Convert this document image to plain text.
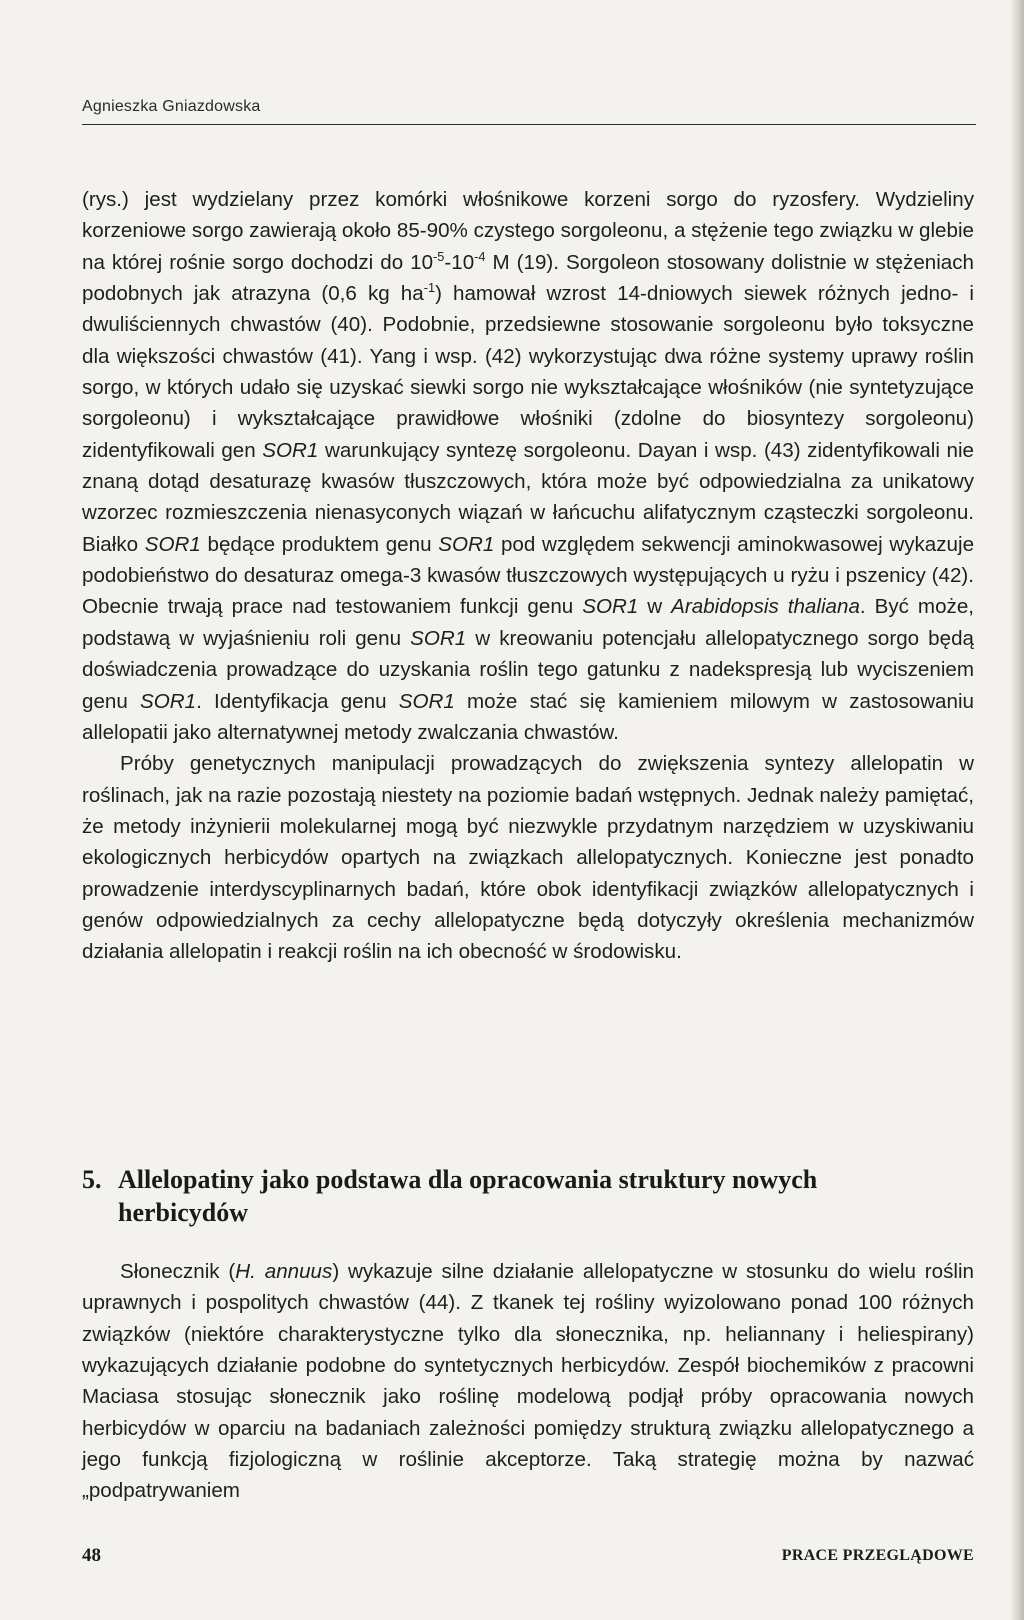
Agnieszka Gniazdowska

(rys.) jest wydzielany przez komórki włośnikowe korzeni sorgo do ryzosfery. Wydzieliny korzeniowe sorgo zawierają około 85-90% czystego sorgoleonu, a stężenie tego związku w glebie na której rośnie sorgo dochodzi do $10^{-5}-10^{-4}$ M (19). Sorgoleon stosowany dolistnie w stężeniach podobnych jak atrazyna (0,6 kg $ha^{-1}$) hamował wzrost 14-dniowych siewek różnych jedno- i dwuliściennych chwastów (40). Podobnie, przedsiewne stosowanie sorgoleonu było toksyczne dla większości chwastów (41). Yang i wsp. (42) wykorzystując dwa różne systemy uprawy roślin sorgo, w których udało się uzyskać siewki sorgo nie wykształcające włośników (nie syntetyzujące sorgoleonu) i wykształcające prawidłowe włośniki (zdolne do biosyntezy sorgoleonu) zidentyfikowali gen SOR1 warunkujący syntezę sorgoleonu. Dayan i wsp. (43) zidentyfikowali nie znaną dotąd desaturazę kwasów tłuszczowych, która może być odpowiedzialna za unikatowy wzorzec rozmieszczenia nienasyconych wiązań w łańcuchu alifatycznym cząsteczki sorgoleonu. Białko SOR1 będące produktem genu SOR1 pod względem sekwencji aminokwasowej wykazuje podobieństwo do desaturaz omega-3 kwasów tłuszczowych występujących u ryżu i pszenicy (42). Obecnie trwają prace nad testowaniem funkcji genu SOR1 w Arabidopsis thaliana. Być może, podstawą w wyjaśnieniu roli genu SOR1 w kreowaniu potencjału allelopatycznego sorgo będą doświadczenia prowadzące do uzyskania roślin tego gatunku z nadekspresją lub wyciszeniem genu SOR1. Identyfikacja genu SOR1 może stać się kamieniem milowym w zastosowaniu allelopatii jako alternatywnej metody zwalczania chwastów.

Próby genetycznych manipulacji prowadzących do zwiększenia syntezy allelopatin w roślinach, jak na razie pozostają niestety na poziomie badań wstępnych. Jednak należy pamiętać, że metody inżynierii molekularnej mogą być niezwykle przydatnym narzędziem w uzyskiwaniu ekologicznych herbicydów opartych na związkach allelopatycznych. Konieczne jest ponadto prowadzenie interdyscyplinarnych badań, które obok identyfikacji związków allelopatycznych i genów odpowiedzialnych za cechy allelopatyczne będą dotyczyły określenia mechanizmów działania allelopatin i reakcji roślin na ich obecność w środowisku.

5. Allelopatiny jako podstawa dla opracowania struktury nowych herbicydów

Słonecznik (H. annuus) wykazuje silne działanie allelopatyczne w stosunku do wielu roślin uprawnych i pospolitych chwastów (44). Z tkanek tej rośliny wyizolowano ponad 100 różnych związków (niektóre charakterystyczne tylko dla słonecznika, np. heliannany i heliespirany) wykazujących działanie podobne do syntetycznych herbicydów. Zespół biochemików z pracowni Maciasa stosując słonecznik jako roślinę modelową podjął próby opracowania nowych herbicydów w oparciu na badaniach zależności pomiędzy strukturą związku allelopatycznego a jego funkcją fizjologiczną w roślinie akceptorze. Taką strategię można by nazwać „podpatrywaniem

48	PRACE PRZEGLĄDOWE
